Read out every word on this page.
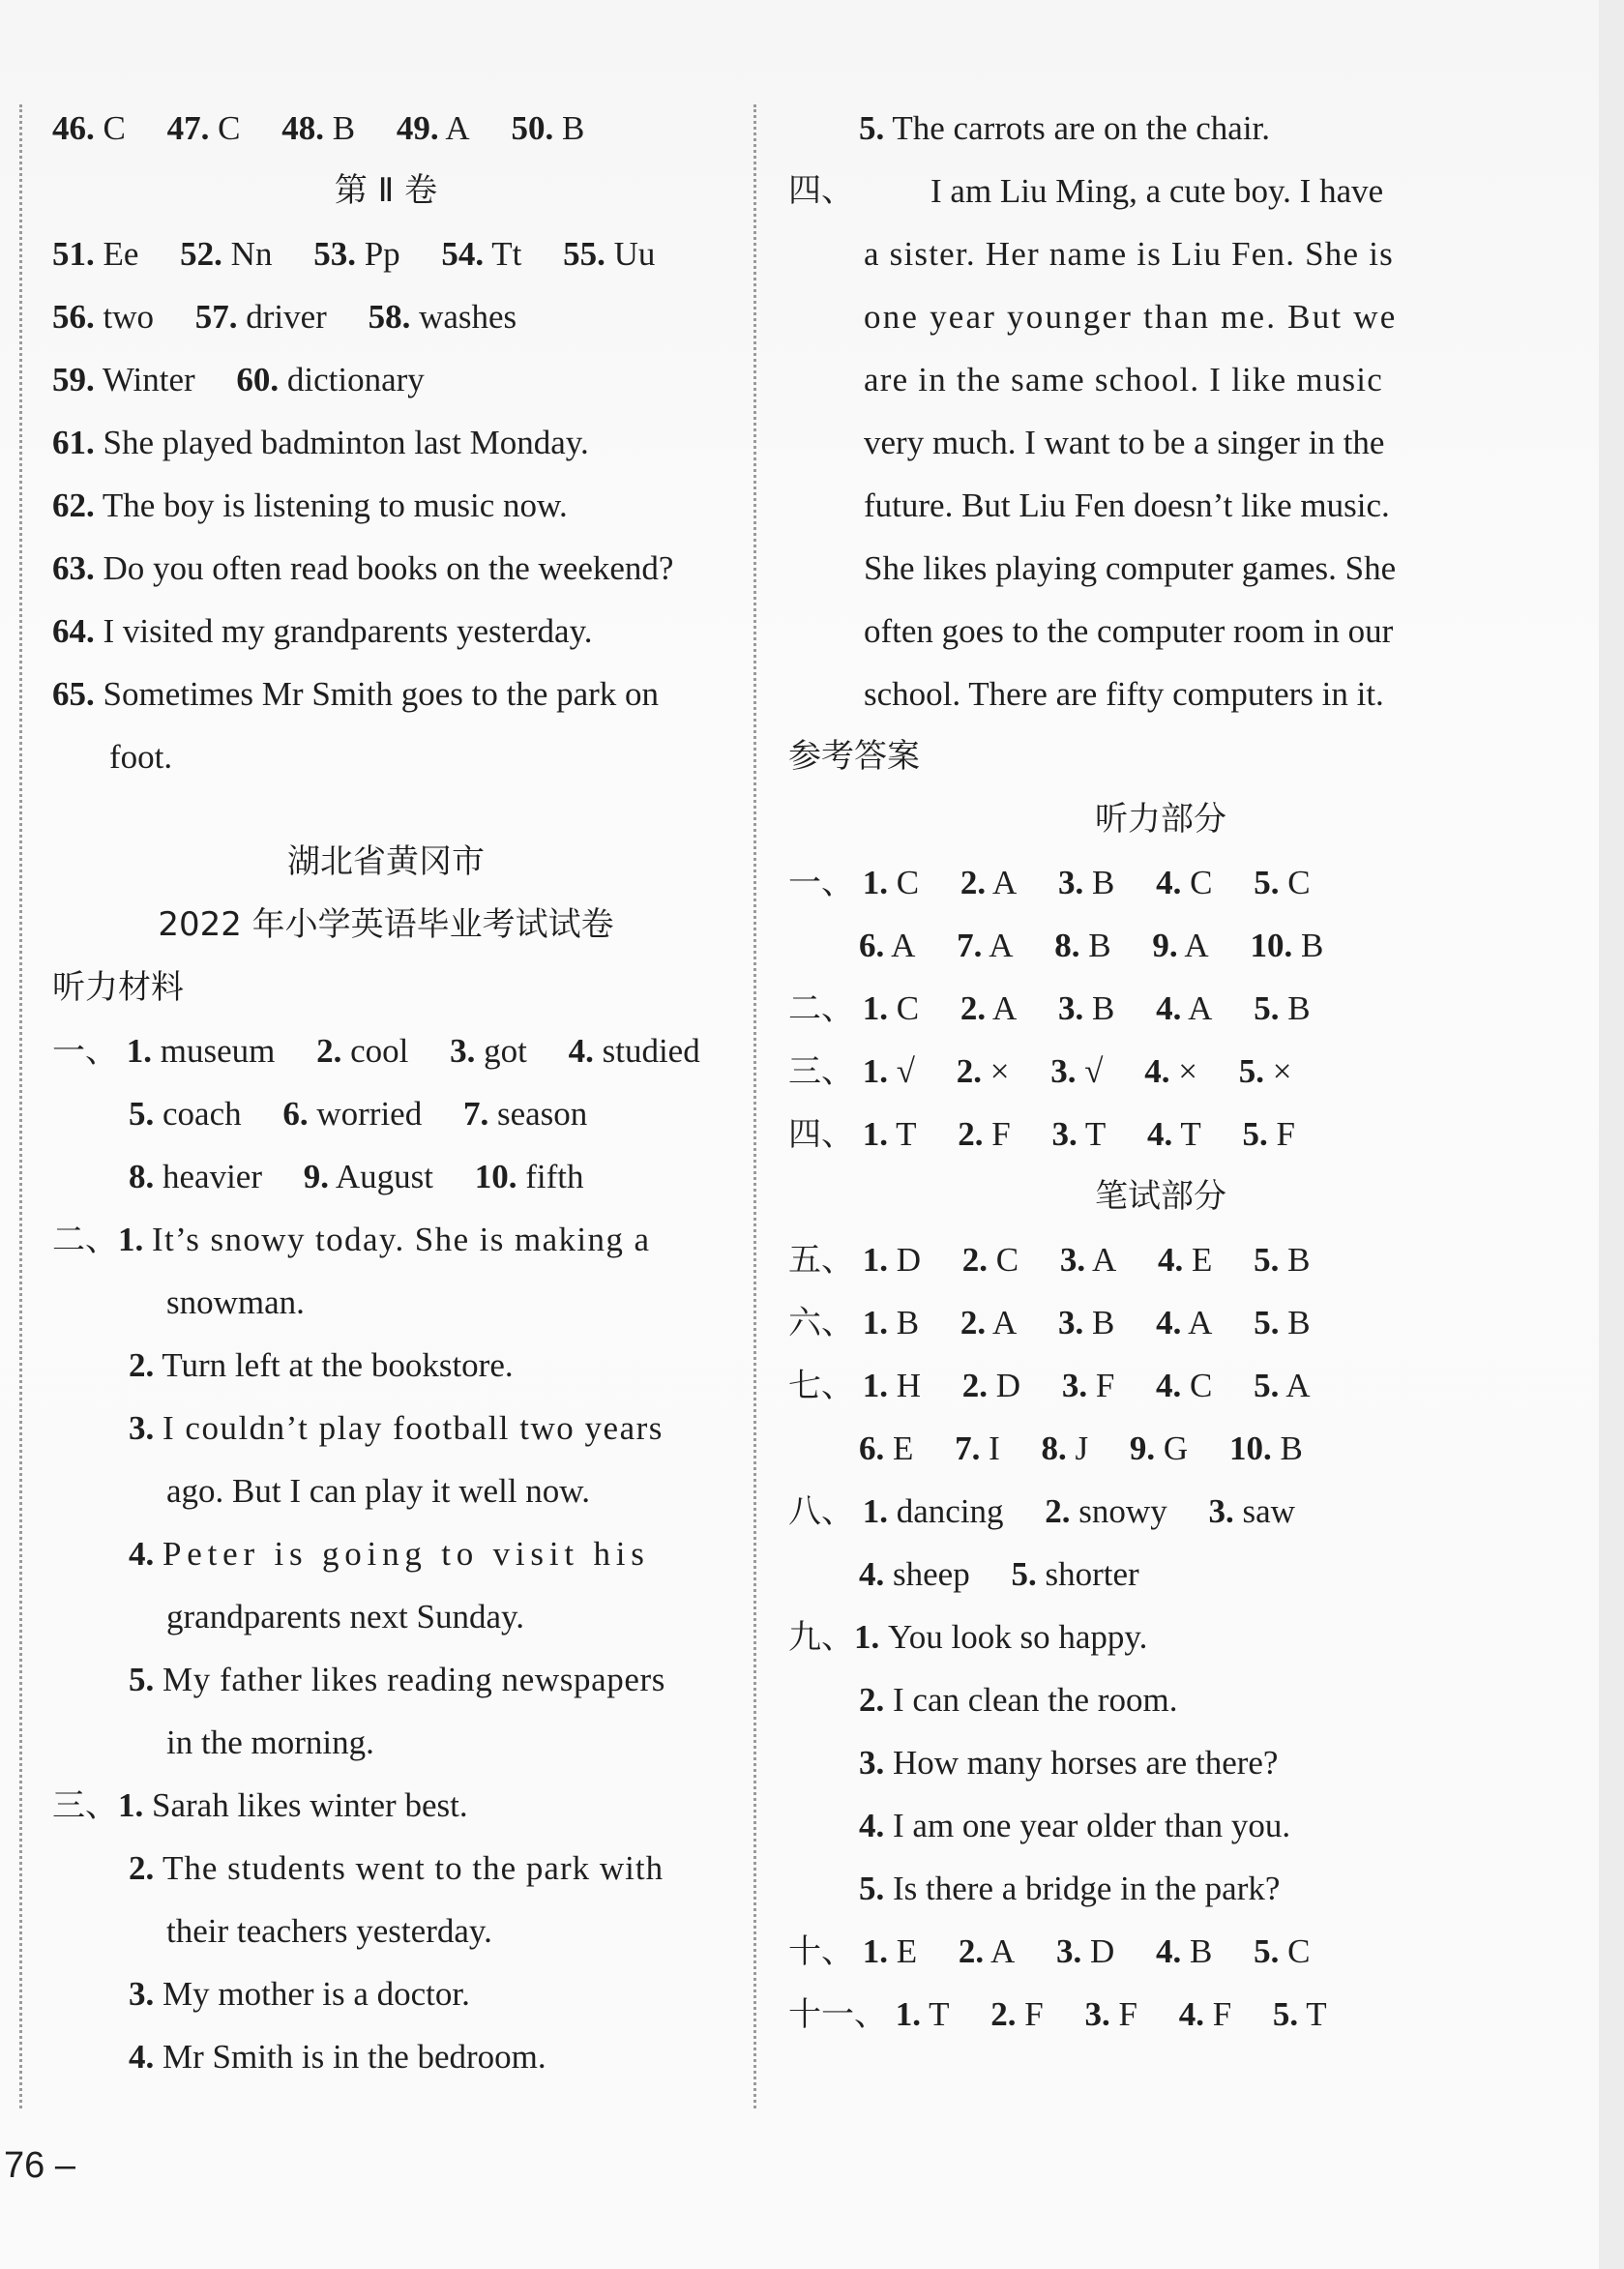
46. C 47. C 48. B 49. A 50. B
第 Ⅱ 卷
51. Ee 52. Nn 53. Pp 54. Tt 55. Uu
56. two 57. driver 58. washes
59. Winter 60. dictionary
61. She played badminton last Monday.
62. The boy is listening to music now.
63. Do you often read books on the weekend?
64. I visited my grandparents yesterday.
65. Sometimes Mr Smith goes to the park on
foot.
湖北省黄冈市
2022 年小学英语毕业考试试卷
听力材料
一、 1. museum 2. cool 3. got 4. studied
5. coach 6. worried 7. season
8. heavier 9. August 10. fifth
二、1. It’s snowy today. She is making a
snowman.
2. Turn left at the bookstore.
3. I couldn’t play football two years
ago. But I can play it well now.
4. Peter is going to visit his
grandparents next Sunday.
5. My father likes reading newspapers
in the morning.
三、1. Sarah likes winter best.
2. The students went to the park with
their teachers yesterday.
3. My mother is a doctor.
4. Mr Smith is in the bedroom.
5. The carrots are on the chair.
四、 I am Liu Ming, a cute boy. I have
a sister. Her name is Liu Fen. She is
one year younger than me. But we
are in the same school. I like music
very much. I want to be a singer in the
future. But Liu Fen doesn’t like music.
She likes playing computer games. She
often goes to the computer room in our
school. There are fifty computers in it.
参考答案
听力部分
一、 1. C 2. A 3. B 4. C 5. C
6. A 7. A 8. B 9. A 10. B
二、 1. C 2. A 3. B 4. A 5. B
三、 1. √ 2. × 3. √ 4. × 5. ×
四、 1. T 2. F 3. T 4. T 5. F
笔试部分
五、 1. D 2. C 3. A 4. E 5. B
六、 1. B 2. A 3. B 4. A 5. B
七、 1. H 2. D 3. F 4. C 5. A
6. E 7. I 8. J 9. G 10. B
八、 1. dancing 2. snowy 3. saw
4. sheep 5. shorter
九、1. You look so happy.
2. I can clean the room.
3. How many horses are there?
4. I am one year older than you.
5. Is there a bridge in the park?
十、 1. E 2. A 3. D 4. B 5. C
十一、 1. T 2. F 3. F 4. F 5. T
76 –
